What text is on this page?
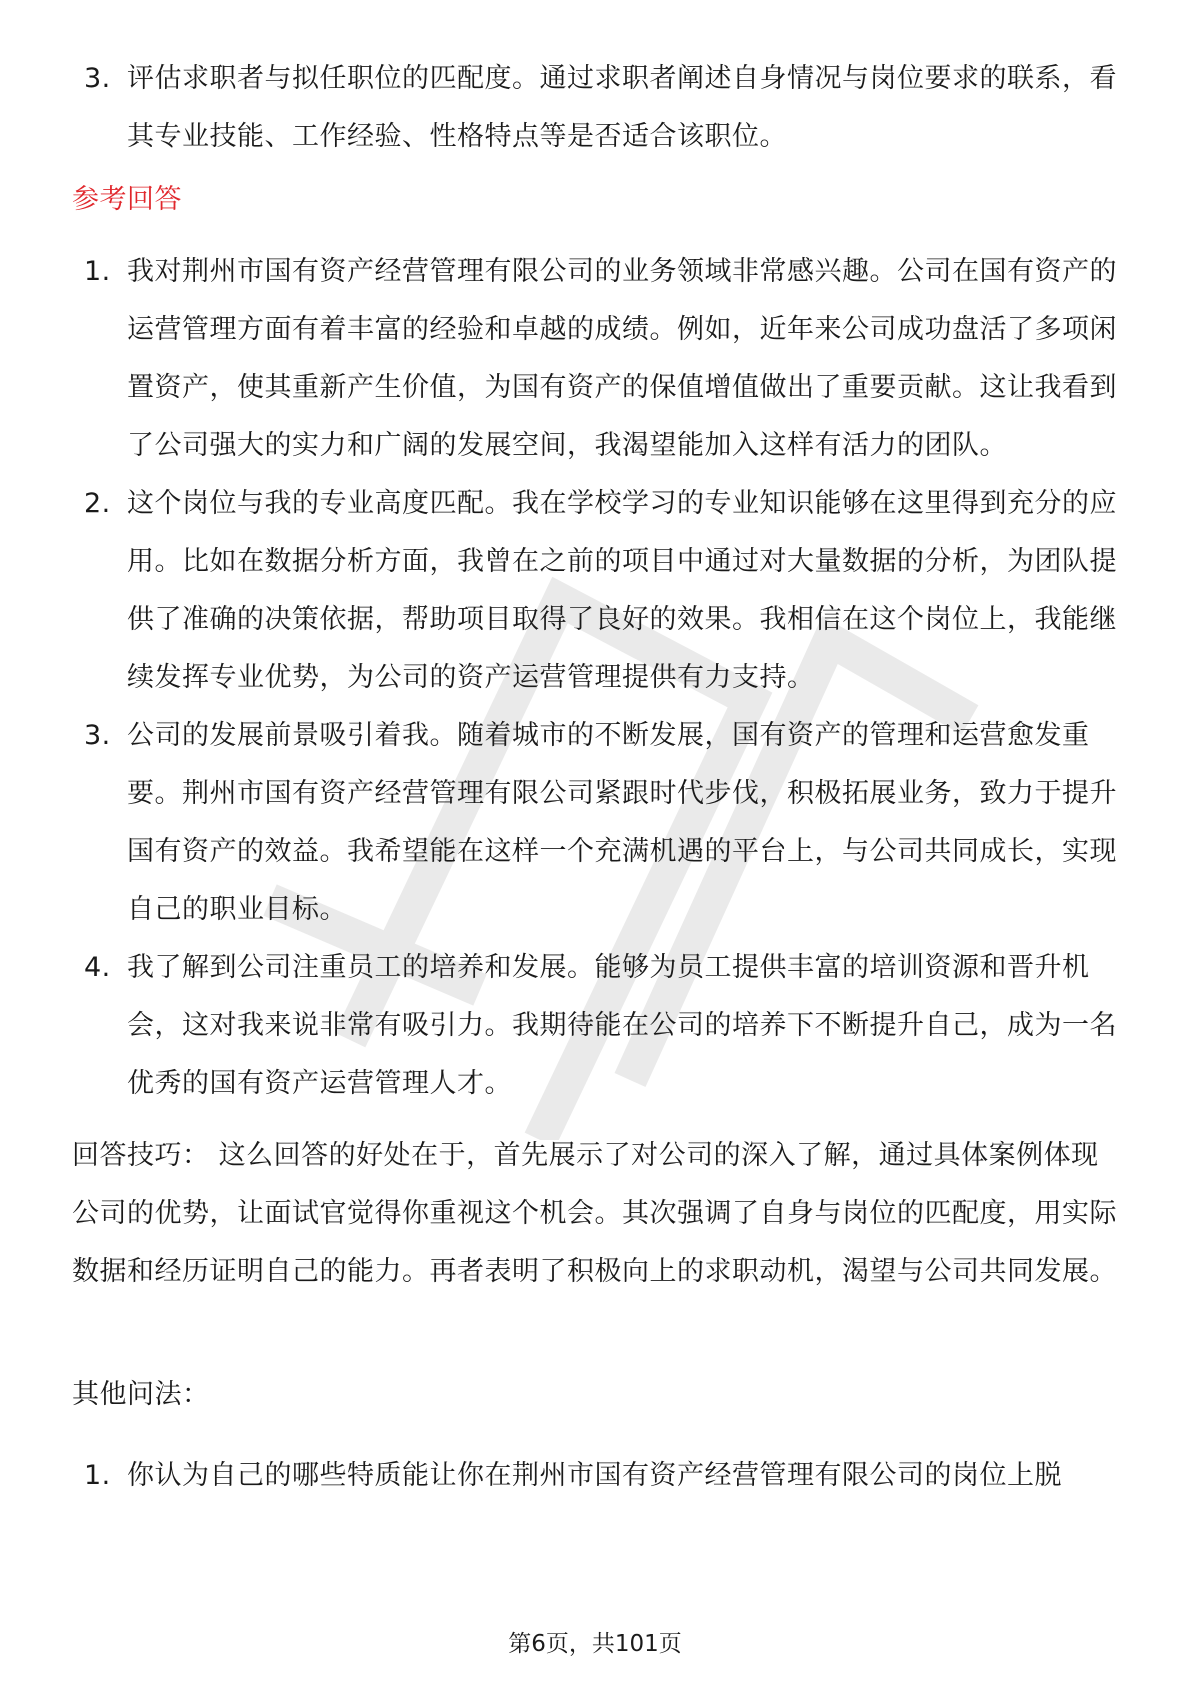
3. 评估求职者与拟任职位的匹配度。通过求职者阐述自身情况与岗位要求的联系，看其专业技能、工作经验、性格特点等是否适合该职位。
参考回答
1. 我对荆州市国有资产经营管理有限公司的业务领域非常感兴趣。公司在国有资产的运营管理方面有着丰富的经验和卓越的成绩。例如，近年来公司成功盘活了多项闲置资产，使其重新产生价值，为国有资产的保值增值做出了重要贡献。这让我看到了公司强大的实力和广阔的发展空间，我渴望能加入这样有活力的团队。
2. 这个岗位与我的专业高度匹配。我在学校学习的专业知识能够在这里得到充分的应用。比如在数据分析方面，我曾在之前的项目中通过对大量数据的分析，为团队提供了准确的决策依据，帮助项目取得了良好的效果。我相信在这个岗位上，我能继续发挥专业优势，为公司的资产运营管理提供有力支持。
3. 公司的发展前景吸引着我。随着城市的不断发展，国有资产的管理和运营愈发重要。荆州市国有资产经营管理有限公司紧跟时代步伐，积极拓展业务，致力于提升国有资产的效益。我希望能在这样一个充满机遇的平台上，与公司共同成长，实现自己的职业目标。
4. 我了解到公司注重员工的培养和发展。能够为员工提供丰富的培训资源和晋升机会，这对我来说非常有吸引力。我期待能在公司的培养下不断提升自己，成为一名优秀的国有资产运营管理人才。
回答技巧： 这么回答的好处在于，首先展示了对公司的深入了解，通过具体案例体现公司的优势，让面试官觉得你重视这个机会。其次强调了自身与岗位的匹配度，用实际数据和经历证明自己的能力。再者表明了积极向上的求职动机，渴望与公司共同发展。
其他问法：
1. 你认为自己的哪些特质能让你在荆州市国有资产经营管理有限公司的岗位上脱
第6页，共101页
